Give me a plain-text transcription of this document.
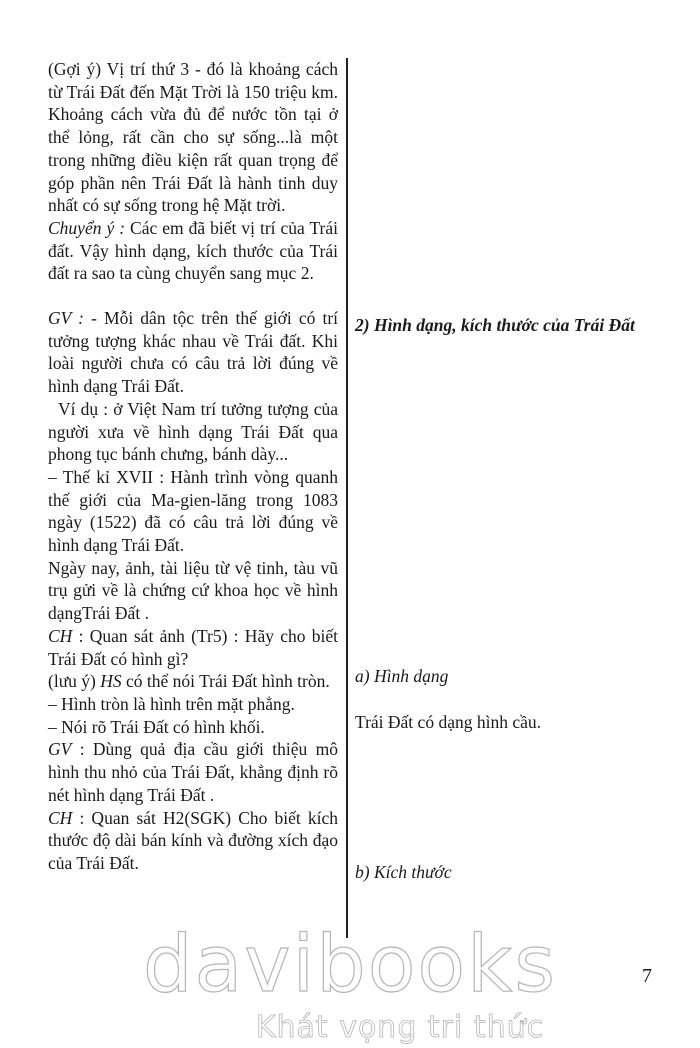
(Gợi ý) Vị trí thứ 3 - đó là khoảng cách từ Trái Đất đến Mặt Trời là 150 triệu km. Khoảng cách vừa đủ để nước tồn tại ở thể lỏng, rất cần cho sự sống...là một trong những điều kiện rất quan trọng để góp phần nên Trái Đất là hành tinh duy nhất có sự sống trong hệ Mặt trời.

Chuyển ý : Các em đã biết vị trí của Trái đất. Vậy hình dạng, kích thước của Trái đất ra sao ta cùng chuyển sang mục 2.

GV : - Mỗi dân tộc trên thế giới có trí tưởng tượng khác nhau về Trái đất. Khi loài người chưa có câu trả lời đúng về hình dạng Trái Đất.

Ví dụ : ở Việt Nam trí tưởng tượng của người xưa về hình dạng Trái Đất qua phong tục bánh chưng, bánh dày...

– Thế kỉ XVII : Hành trình vòng quanh thế giới của Ma-gien-lăng trong 1083 ngày (1522) đã có câu trả lời đúng về hình dạng Trái Đất.

Ngày nay, ảnh, tài liệu từ vệ tinh, tàu vũ trụ gửi về là chứng cứ khoa học về hình dạngTrái Đất .

CH : Quan sát ảnh (Tr5) : Hãy cho biết Trái Đất có hình gì?

(lưu ý) HS có thể nói Trái Đất hình tròn.

– Hình tròn là hình trên mặt phẳng.

– Nói rõ Trái Đất có hình khối.

GV : Dùng quả địa cầu giới thiệu mô hình thu nhỏ của Trái Đất, khẳng định rõ nét hình dạng Trái Đất .

CH : Quan sát H2(SGK) Cho biết kích thước độ dài bán kính và đường xích đạo của Trái Đất.

2) Hình dạng, kích thước của Trái Đất
a) Hình dạng
Trái Đất có dạng hình cầu.
b) Kích thước
7
davibooks
Khát vọng tri thức
